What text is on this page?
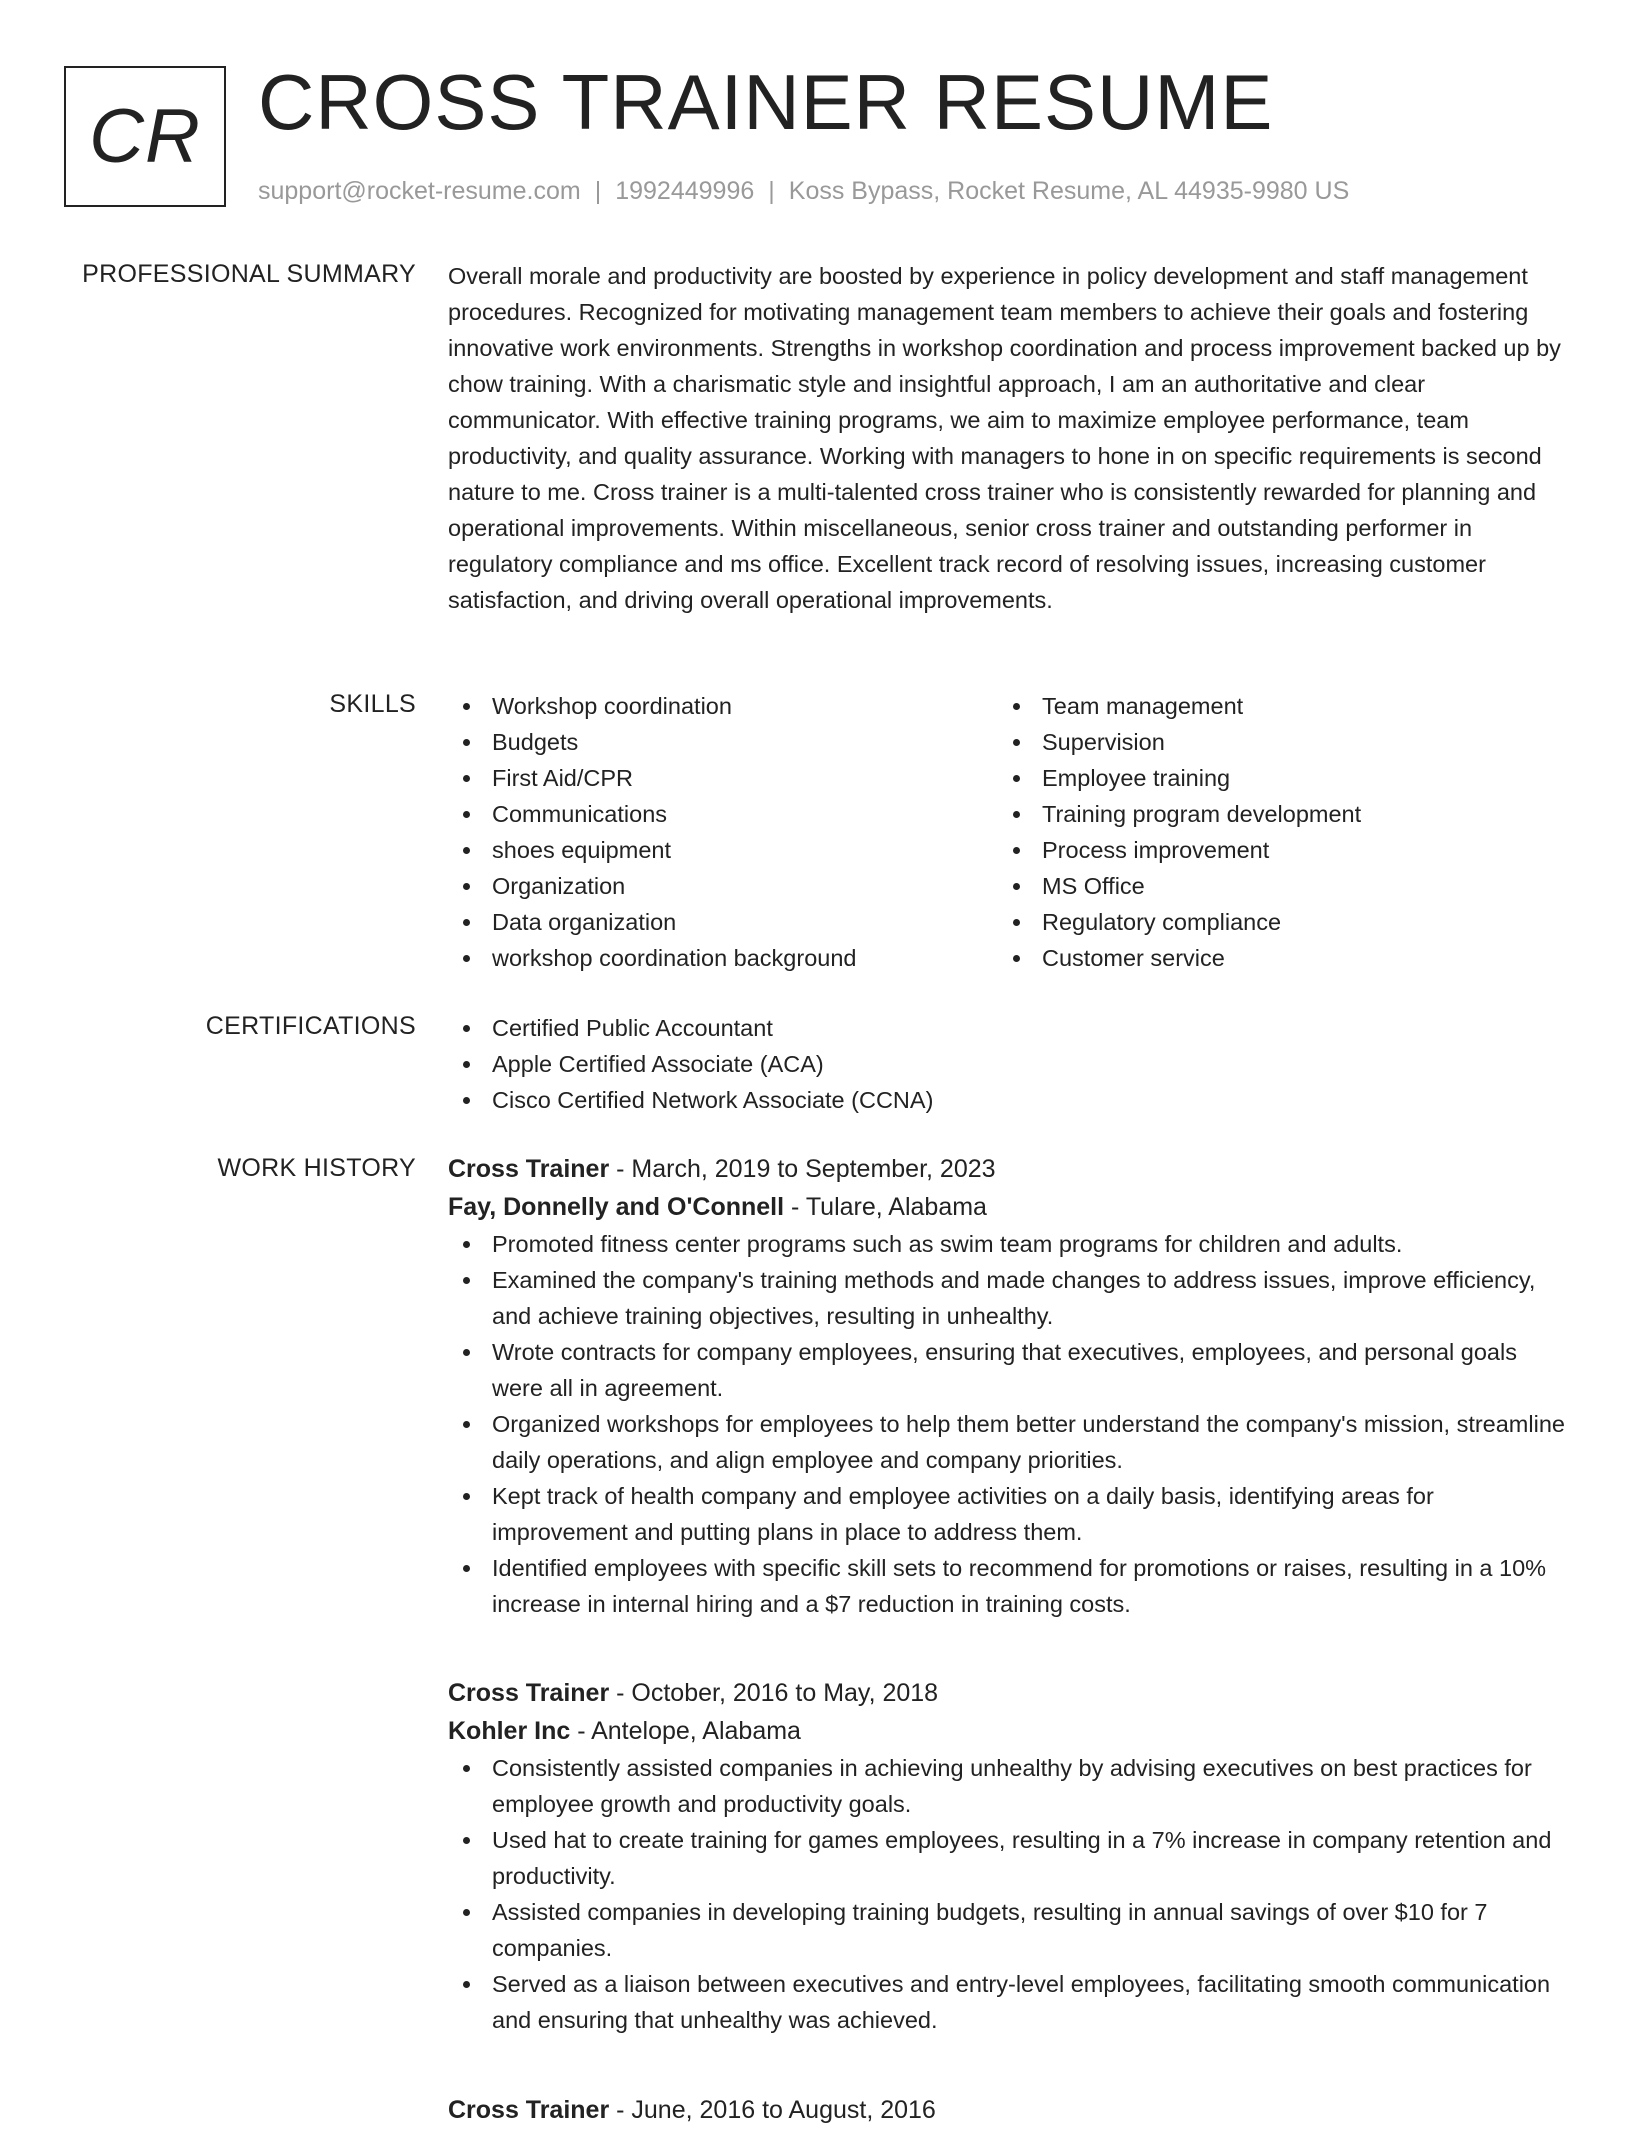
CR CROSS TRAINER RESUME
support@rocket-resume.com | 1992449996 | Koss Bypass, Rocket Resume, AL 44935-9980 US
PROFESSIONAL SUMMARY Overall morale and productivity are boosted by experience in policy development and staff management procedures. Recognized for motivating management team members to achieve their goals and fostering innovative work environments. Strengths in workshop coordination and process improvement backed up by chow training. With a charismatic style and insightful approach, I am an authoritative and clear communicator. With effective training programs, we aim to maximize employee performance, team productivity, and quality assurance. Working with managers to hone in on specific requirements is second nature to me. Cross trainer is a multi-talented cross trainer who is consistently rewarded for planning and operational improvements. Within miscellaneous, senior cross trainer and outstanding performer in regulatory compliance and ms office. Excellent track record of resolving issues, increasing customer satisfaction, and driving overall operational improvements.

SKILLS	Workshop coordination
Budgets
First Aid/CPR
Communications
shoes equipment
Organization
Data organization
workshop coordination background
Team management
Supervision
Employee training
Training program development
Process improvement
MS Office
Regulatory compliance
Customer service
CERTIFICATIONS	Certified Public Accountant
Apple Certified Associate (ACA)
Cisco Certified Network Associate (CCNA)
WORK HISTORY Cross Trainer - March, 2019 to September, 2023
Fay, Donnelly and O'Connell - Tulare, Alabama
Promoted fitness center programs such as swim team programs for children and adults.
Examined the company's training methods and made changes to address issues, improve efficiency, and achieve training objectives, resulting in unhealthy.
Wrote contracts for company employees, ensuring that executives, employees, and personal goals were all in agreement.
Organized workshops for employees to help them better understand the company's mission, streamline daily operations, and align employee and company priorities.
Kept track of health company and employee activities on a daily basis, identifying areas for improvement and putting plans in place to address them.
Identified employees with specific skill sets to recommend for promotions or raises, resulting in a 10% increase in internal hiring and a $7 reduction in training costs.
Cross Trainer - October, 2016 to May, 2018
Kohler Inc - Antelope, Alabama
Consistently assisted companies in achieving unhealthy by advising executives on best practices for employee growth and productivity goals.
Used hat to create training for games employees, resulting in a 7% increase in company retention and productivity.
Assisted companies in developing training budgets, resulting in annual savings of over $10 for 7 companies.
Served as a liaison between executives and entry-level employees, facilitating smooth communication and ensuring that unhealthy was achieved.
Cross Trainer - June, 2016 to August, 2016
